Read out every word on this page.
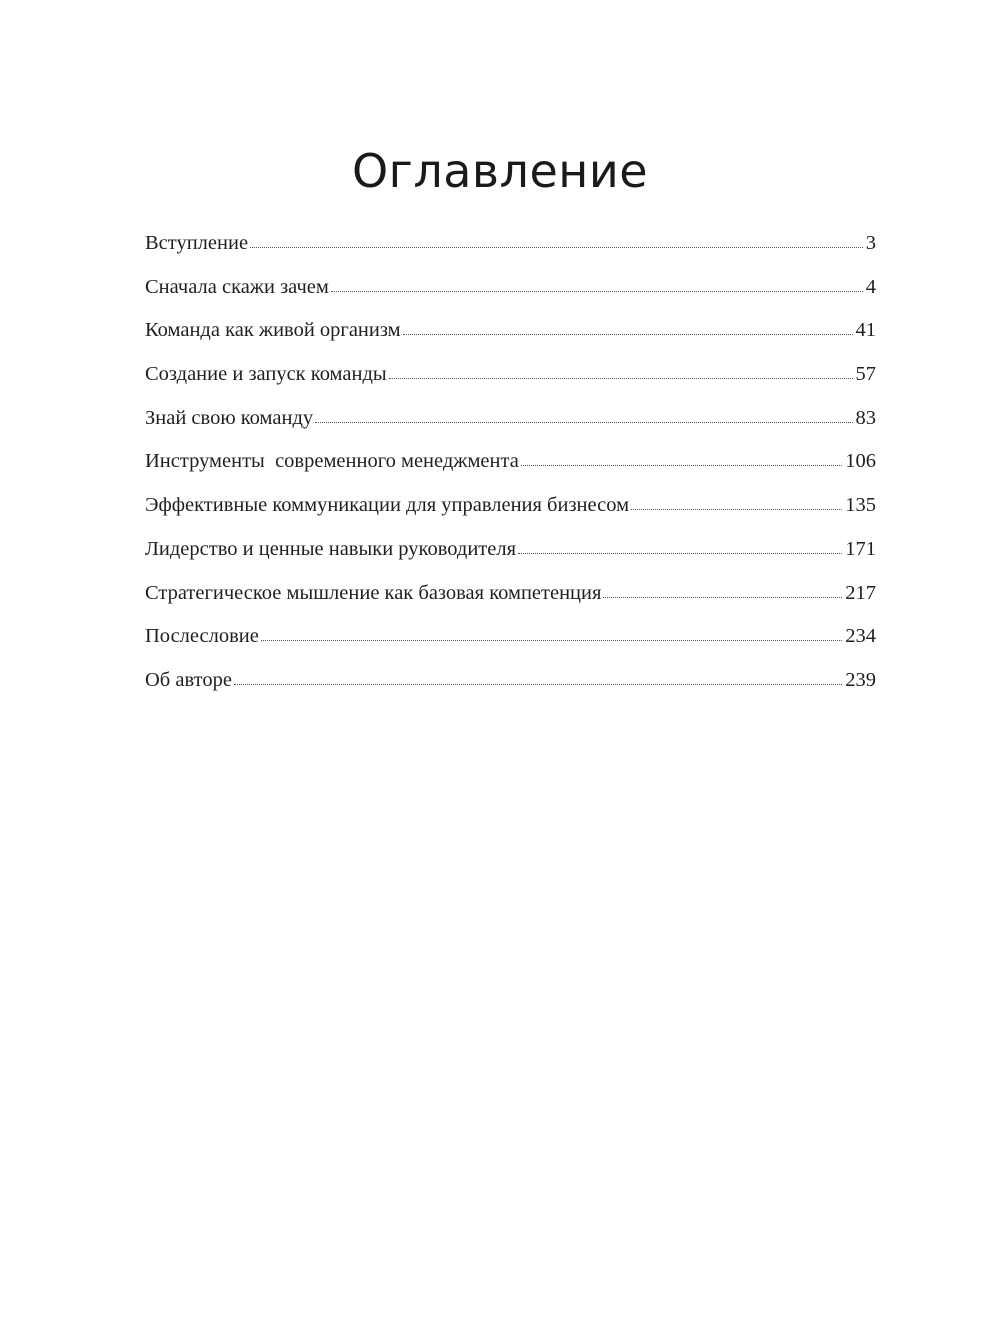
Оглавление
Вступление	3
Сначала скажи зачем	4
Команда как живой организм	41
Создание и запуск команды	57
Знай свою команду	83
Инструменты  современного менеджмента	106
Эффективные коммуникации для управления бизнесом	135
Лидерство и ценные навыки руководителя	171
Стратегическое мышление как базовая компетенция	217
Послесловие	234
Об авторе	239
